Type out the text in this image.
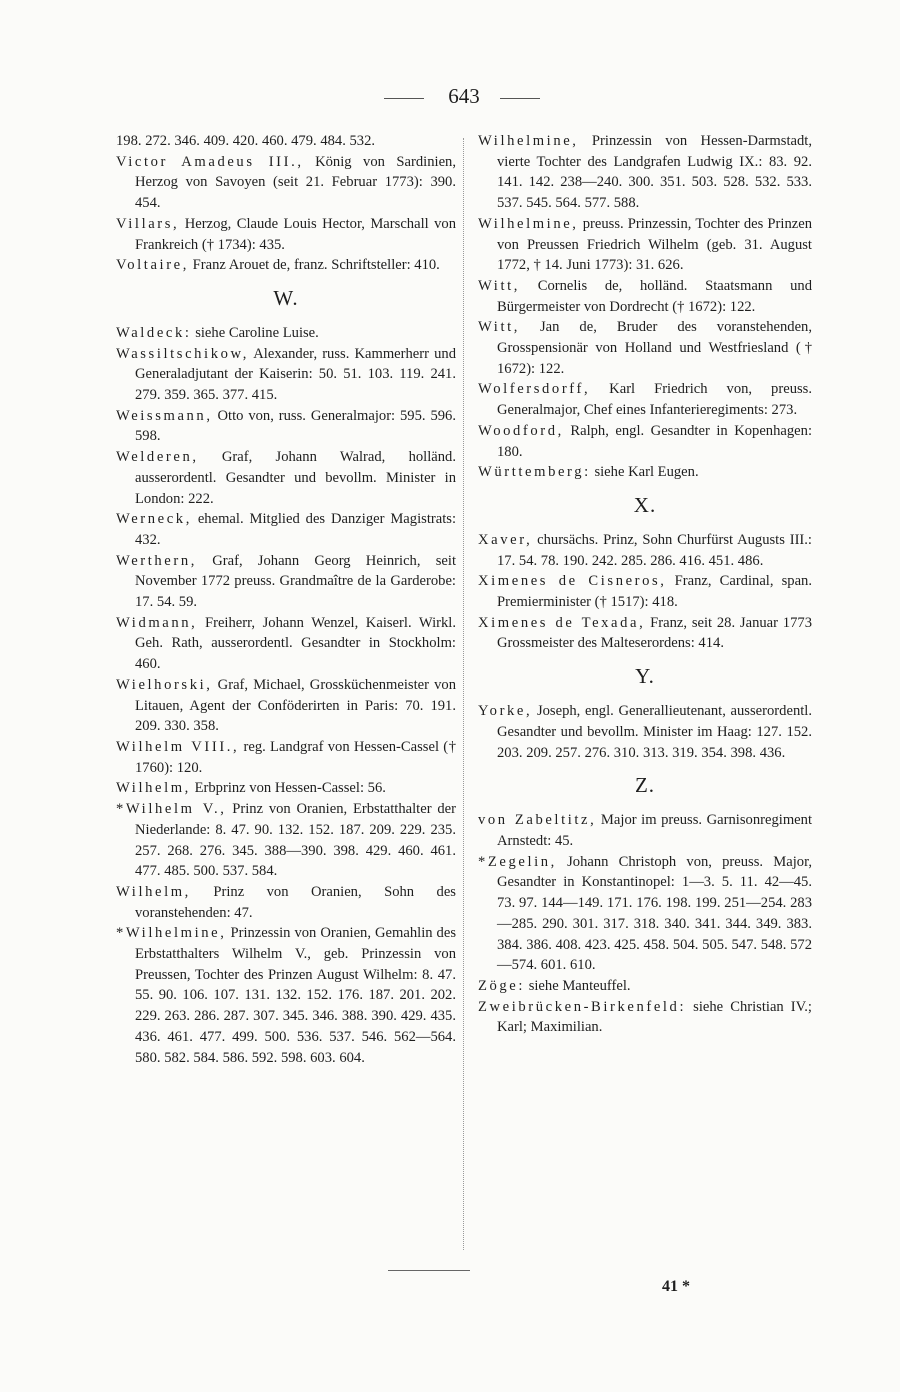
643

198. 272. 346. 409. 420. 460. 479. 484. 532.

Victor Amadeus III., König von Sardinien, Herzog von Savoyen (seit 21. Februar 1773): 390. 454.

Villars, Herzog, Claude Louis Hector, Marschall von Frankreich († 1734): 435.

Voltaire, Franz Arouet de, franz. Schriftsteller: 410.

W.

Waldeck: siehe Caroline Luise.

Wassiltschikow, Alexander, russ. Kammerherr und Generaladjutant der Kaiserin: 50. 51. 103. 119. 241. 279. 359. 365. 377. 415.

Weissmann, Otto von, russ. Generalmajor: 595. 596. 598.

Welderen, Graf, Johann Walrad, holländ. ausserordentl. Gesandter und bevollm. Minister in London: 222.

Werneck, ehemal. Mitglied des Danziger Magistrats: 432.

Werthern, Graf, Johann Georg Heinrich, seit November 1772 preuss. Grandmaître de la Garderobe: 17. 54. 59.

Widmann, Freiherr, Johann Wenzel, Kaiserl. Wirkl. Geh. Rath, ausserordentl. Gesandter in Stockholm: 460.

Wielhorski, Graf, Michael, Grossküchenmeister von Litauen, Agent der Conföderirten in Paris: 70. 191. 209. 330. 358.

Wilhelm VIII., reg. Landgraf von Hessen-Cassel († 1760): 120.

Wilhelm, Erbprinz von Hessen-Cassel: 56.

*Wilhelm V., Prinz von Oranien, Erbstatthalter der Niederlande: 8. 47. 90. 132. 152. 187. 209. 229. 235. 257. 268. 276. 345. 388—390. 398. 429. 460. 461. 477. 485. 500. 537. 584.

Wilhelm, Prinz von Oranien, Sohn des voranstehenden: 47.

*Wilhelmine, Prinzessin von Oranien, Gemahlin des Erbstatthalters Wilhelm V., geb. Prinzessin von Preussen, Tochter des Prinzen August Wilhelm: 8. 47. 55. 90. 106. 107. 131. 132. 152. 176. 187. 201. 202. 229. 263. 286. 287. 307. 345. 346. 388. 390. 429. 435. 436. 461. 477. 499. 500. 536. 537. 546. 562—564. 580. 582. 584. 586. 592. 598. 603. 604.

Wilhelmine, Prinzessin von Hessen-Darmstadt, vierte Tochter des Landgrafen Ludwig IX.: 83. 92. 141. 142. 238—240. 300. 351. 503. 528. 532. 533. 537. 545. 564. 577. 588.

Wilhelmine, preuss. Prinzessin, Tochter des Prinzen von Preussen Friedrich Wilhelm (geb. 31. August 1772, † 14. Juni 1773): 31. 626.

Witt, Cornelis de, holländ. Staatsmann und Bürgermeister von Dordrecht († 1672): 122.

Witt, Jan de, Bruder des voranstehenden, Grosspensionär von Holland und Westfriesland († 1672): 122.

Wolfersdorff, Karl Friedrich von, preuss. Generalmajor, Chef eines Infanterieregiments: 273.

Woodford, Ralph, engl. Gesandter in Kopenhagen: 180.

Württemberg: siehe Karl Eugen.

X.

Xaver, chursächs. Prinz, Sohn Churfürst Augusts III.: 17. 54. 78. 190. 242. 285. 286. 416. 451. 486.

Ximenes de Cisneros, Franz, Cardinal, span. Premierminister († 1517): 418.

Ximenes de Texada, Franz, seit 28. Januar 1773 Grossmeister des Malteserordens: 414.

Y.

Yorke, Joseph, engl. Generallieutenant, ausserordentl. Gesandter und bevollm. Minister im Haag: 127. 152. 203. 209. 257. 276. 310. 313. 319. 354. 398. 436.

Z.

von Zabeltitz, Major im preuss. Garnisonregiment Arnstedt: 45.

*Zegelin, Johann Christoph von, preuss. Major, Gesandter in Konstantinopel: 1—3. 5. 11. 42—45. 73. 97. 144—149. 171. 176. 198. 199. 251—254. 283—285. 290. 301. 317. 318. 340. 341. 344. 349. 383. 384. 386. 408. 423. 425. 458. 504. 505. 547. 548. 572—574. 601. 610.

Zöge: siehe Manteuffel.

Zweibrücken-Birkenfeld: siehe Christian IV.; Karl; Maximilian.

41 *
